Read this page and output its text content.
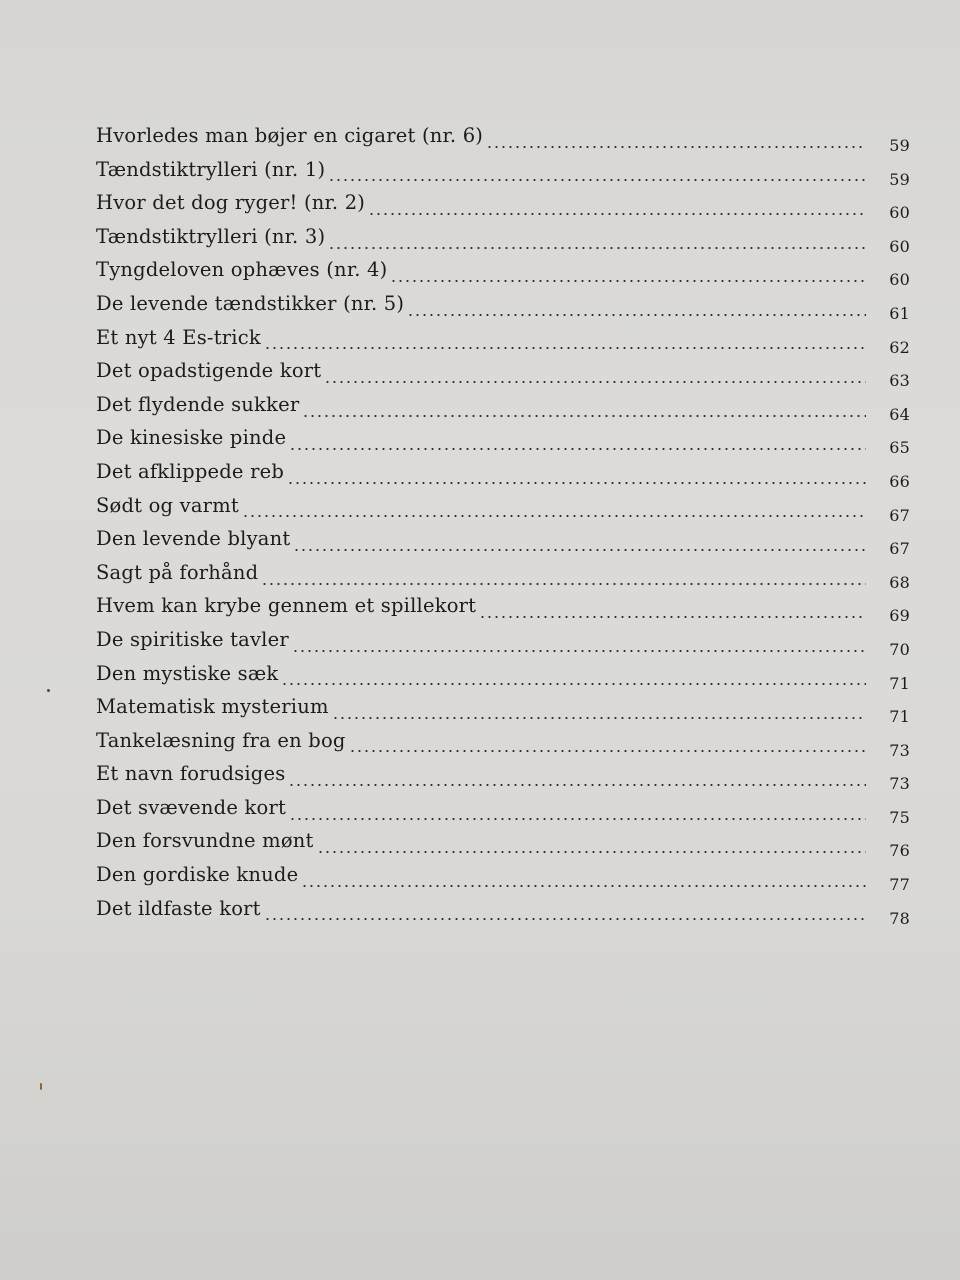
Hvorledes man bøjer en cigaret (nr. 6)	59
Tændstiktrylleri (nr. 1)	59
Hvor det dog ryger! (nr. 2)	60
Tændstiktrylleri (nr. 3)	60
Tyngdeloven ophæves (nr. 4)	60
De levende tændstikker (nr. 5)	61
Et nyt 4 Es-trick	62
Det opadstigende kort	63
Det flydende sukker	64
De kinesiske pinde	65
Det afklippede reb	66
Sødt og varmt	67
Den levende blyant	67
Sagt på forhånd	68
Hvem kan krybe gennem et spillekort	69
De spiritiske tavler	70
Den mystiske sæk	71
Matematisk mysterium	71
Tankelæsning fra en bog	73
Et navn forudsiges	73
Det svævende kort	75
Den forsvundne mønt	76
Den gordiske knude	77
Det ildfaste kort	78
